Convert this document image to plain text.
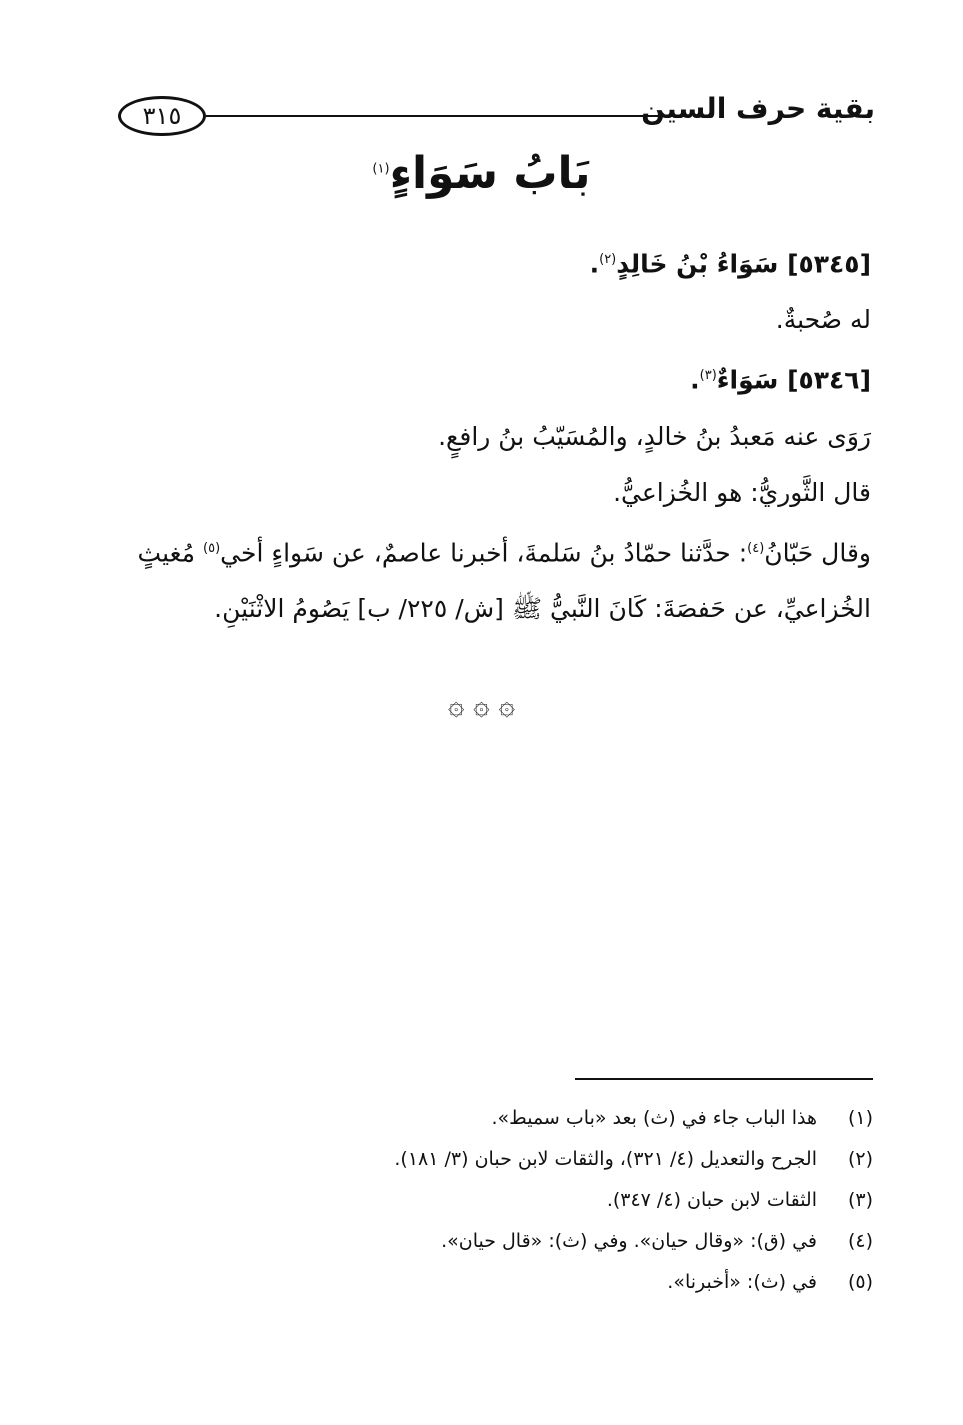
٣١٥	بقية حرف السين
بَابُ سَوَاءٍ$^{(١)}$

[٥٣٤٥] سَوَاءُ بْنُ خَالِدٍ$^{(٢)}$.

له صُحبةٌ.

[٥٣٤٦] سَوَاءٌ$^{(٣)}$.

رَوَى عنه مَعبدُ بنُ خالدٍ، والمُسَيّبُ بنُ رافعٍ.

قال الثَّوريُّ: هو الخُزاعيُّ.

وقال حَبّانُ$^{(٤)}$: حدَّثنا حمّادُ بنُ سَلمةَ، أخبرنا عاصمٌ، عن سَواءٍ أخي$^{(٥)}$ مُغيثٍ الخُزاعيِّ، عن حَفصَةَ: كَانَ النَّبيُّ ﷺ [ش/ ٢٢٥/ ب] يَصُومُ الاثْنَيْنِ.

۞ ۞ ۞
(١)
هذا الباب جاء في (ث) بعد «باب سميط».
(٢)
الجرح والتعديل (٤/ ٣٢١)، والثقات لابن حبان (٣/ ١٨١).
(٣)
الثقات لابن حبان (٤/ ٣٤٧).
(٤)
في (ق): «وقال حيان». وفي (ث): «قال حيان».
(٥)
في (ث): «أخبرنا».
